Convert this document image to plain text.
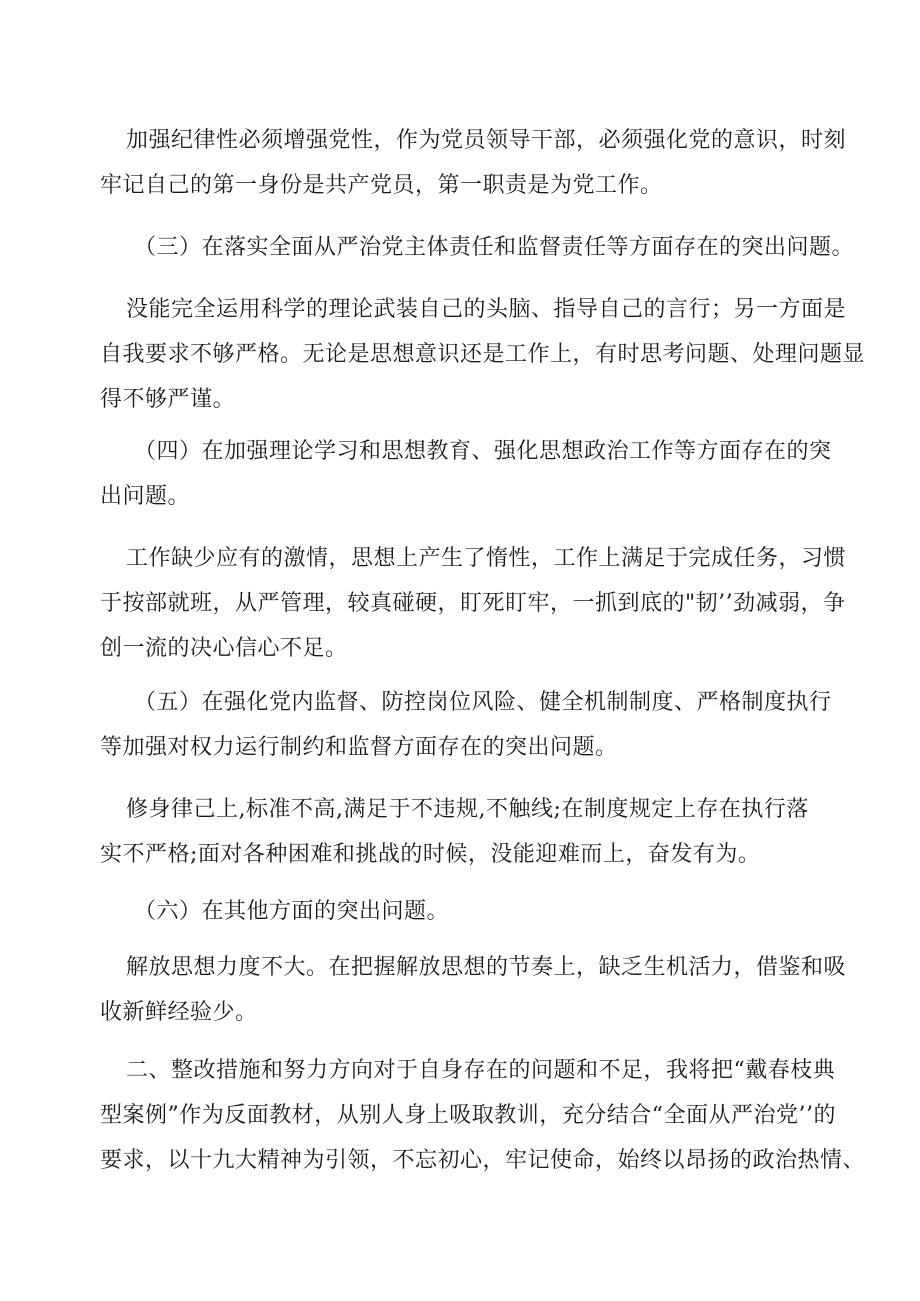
加强纪律性必须增强党性，作为党员领导干部，必须强化党的意识，时刻

牢记自己的第一身份是共产党员，第一职责是为党工作。

（三）在落实全面从严治党主体责任和监督责任等方面存在的突出问题。

没能完全运用科学的理论武装自己的头脑、指导自己的言行；另一方面是

自我要求不够严格。无论是思想意识还是工作上，有时思考问题、处理问题显

得不够严谨。

（四）在加强理论学习和思想教育、强化思想政治工作等方面存在的突

出问题。

工作缺少应有的激情，思想上产生了惰性，工作上满足于完成任务，习惯

于按部就班，从严管理，较真碰硬，盯死盯牢，一抓到底的"韧’’劲减弱，争

创一流的决心信心不足。

（五）在强化党内监督、防控岗位风险、健全机制制度、严格制度执行

等加强对权力运行制约和监督方面存在的突出问题。

修身律己上,标准不高,满足于不违规,不触线;在制度规定上存在执行落

实不严格;面对各种困难和挑战的时候，没能迎难而上，奋发有为。

（六）在其他方面的突出问题。

解放思想力度不大。在把握解放思想的节奏上，缺乏生机活力，借鉴和吸

收新鲜经验少。

二、整改措施和努力方向对于自身存在的问题和不足，我将把“戴春枝典

型案例”作为反面教材，从别人身上吸取教训，充分结合“全面从严治党’’的

要求，以十九大精神为引领，不忘初心，牢记使命，始终以昂扬的政治热情、
